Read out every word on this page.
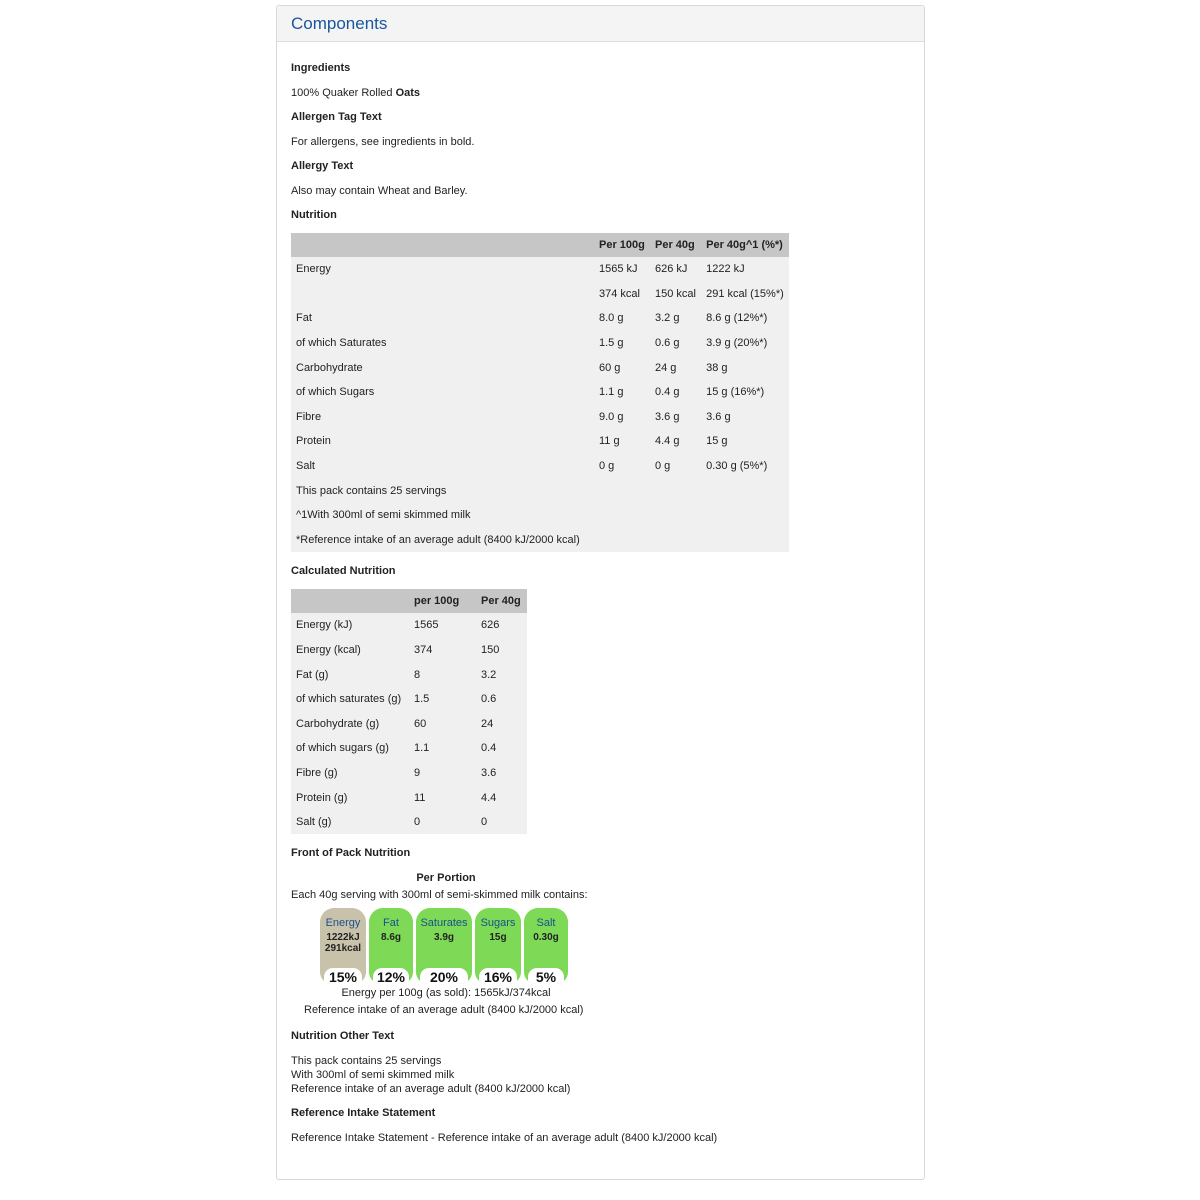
Components

Ingredients

100% Quaker Rolled Oats

Allergen Tag Text

For allergens, see ingredients in bold.

Allergy Text

Also may contain Wheat and Barley.

Nutrition

	Per 100g	Per 40g	Per 40g^1 (%*)
Energy	1565 kJ	626 kJ	1222 kJ
	374 kcal	150 kcal	291 kcal (15%*)
Fat	8.0 g	3.2 g	8.6 g (12%*)
of which Saturates	1.5 g	0.6 g	3.9 g (20%*)
Carbohydrate	60 g	24 g	38 g
of which Sugars	1.1 g	0.4 g	15 g (16%*)
Fibre	9.0 g	3.6 g	3.6 g
Protein	11 g	4.4 g	15 g
Salt	0 g	0 g	0.30 g (5%*)
This pack contains 25 servings			
^1With 300ml of semi skimmed milk			
*Reference intake of an average adult (8400 kJ/2000 kcal)			

Calculated Nutrition

	per 100g	Per 40g
Energy (kJ)	1565	626
Energy (kcal)	374	150
Fat (g)	8	3.2
of which saturates (g)	1.5	0.6
Carbohydrate (g)	60	24
of which sugars (g)	1.1	0.4
Fibre (g)	9	3.6
Protein (g)	11	4.4
Salt (g)	0	0

Front of Pack Nutrition

Per Portion

Each 40g serving with 300ml of semi-skimmed milk contains:

Energy
1222kJ
291kcal
15%
Fat
8.6g
12%
Saturates
3.9g
20%
Sugars
15g
16%
Salt
0.30g
5%

Energy per 100g (as sold): 1565kJ/374kcal

Reference intake of an average adult (8400 kJ/2000 kcal)

Nutrition Other Text

This pack contains 25 servings

With 300ml of semi skimmed milk

Reference intake of an average adult (8400 kJ/2000 kcal)

Reference Intake Statement

Reference Intake Statement - Reference intake of an average adult (8400 kJ/2000 kcal)
